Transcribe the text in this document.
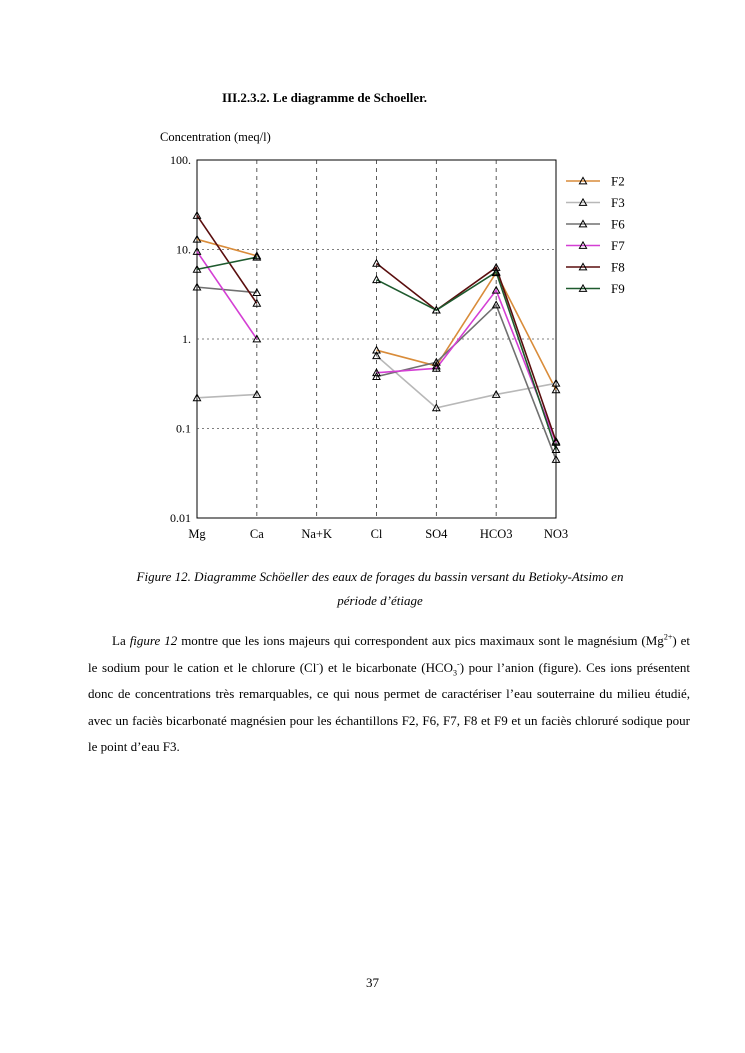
III.2.3.2. Le diagramme de Schoeller.
100.
10.
1.
0.1
0.01
Concentration (meq/l)
Mg	Ca	Na+K	Cl	SO4	HCO3	NO3
F2
F3
F6
F7
F8
F9
Figure 12. Diagramme Schöeller des eaux de forages du bassin versant du Betioky-Atsimo en
période d’étiage

La figure 12 montre que les ions majeurs qui correspondent aux pics maximaux sont le magnésium $(Mg^{2+})$ et le sodium pour le cation et le chlorure (Cl-) et le bicarbonate $(HCO_3^-)$ pour l’anion (figure). Ces ions présentent donc de concentrations très remarquables, ce qui nous permet de caractériser l’eau souterraine du milieu étudié, avec un faciès bicarbonaté magnésien pour les échantillons F2, F6, F7, F8 et F9 et un faciès chloruré sodique pour le point d’eau F3.

37
